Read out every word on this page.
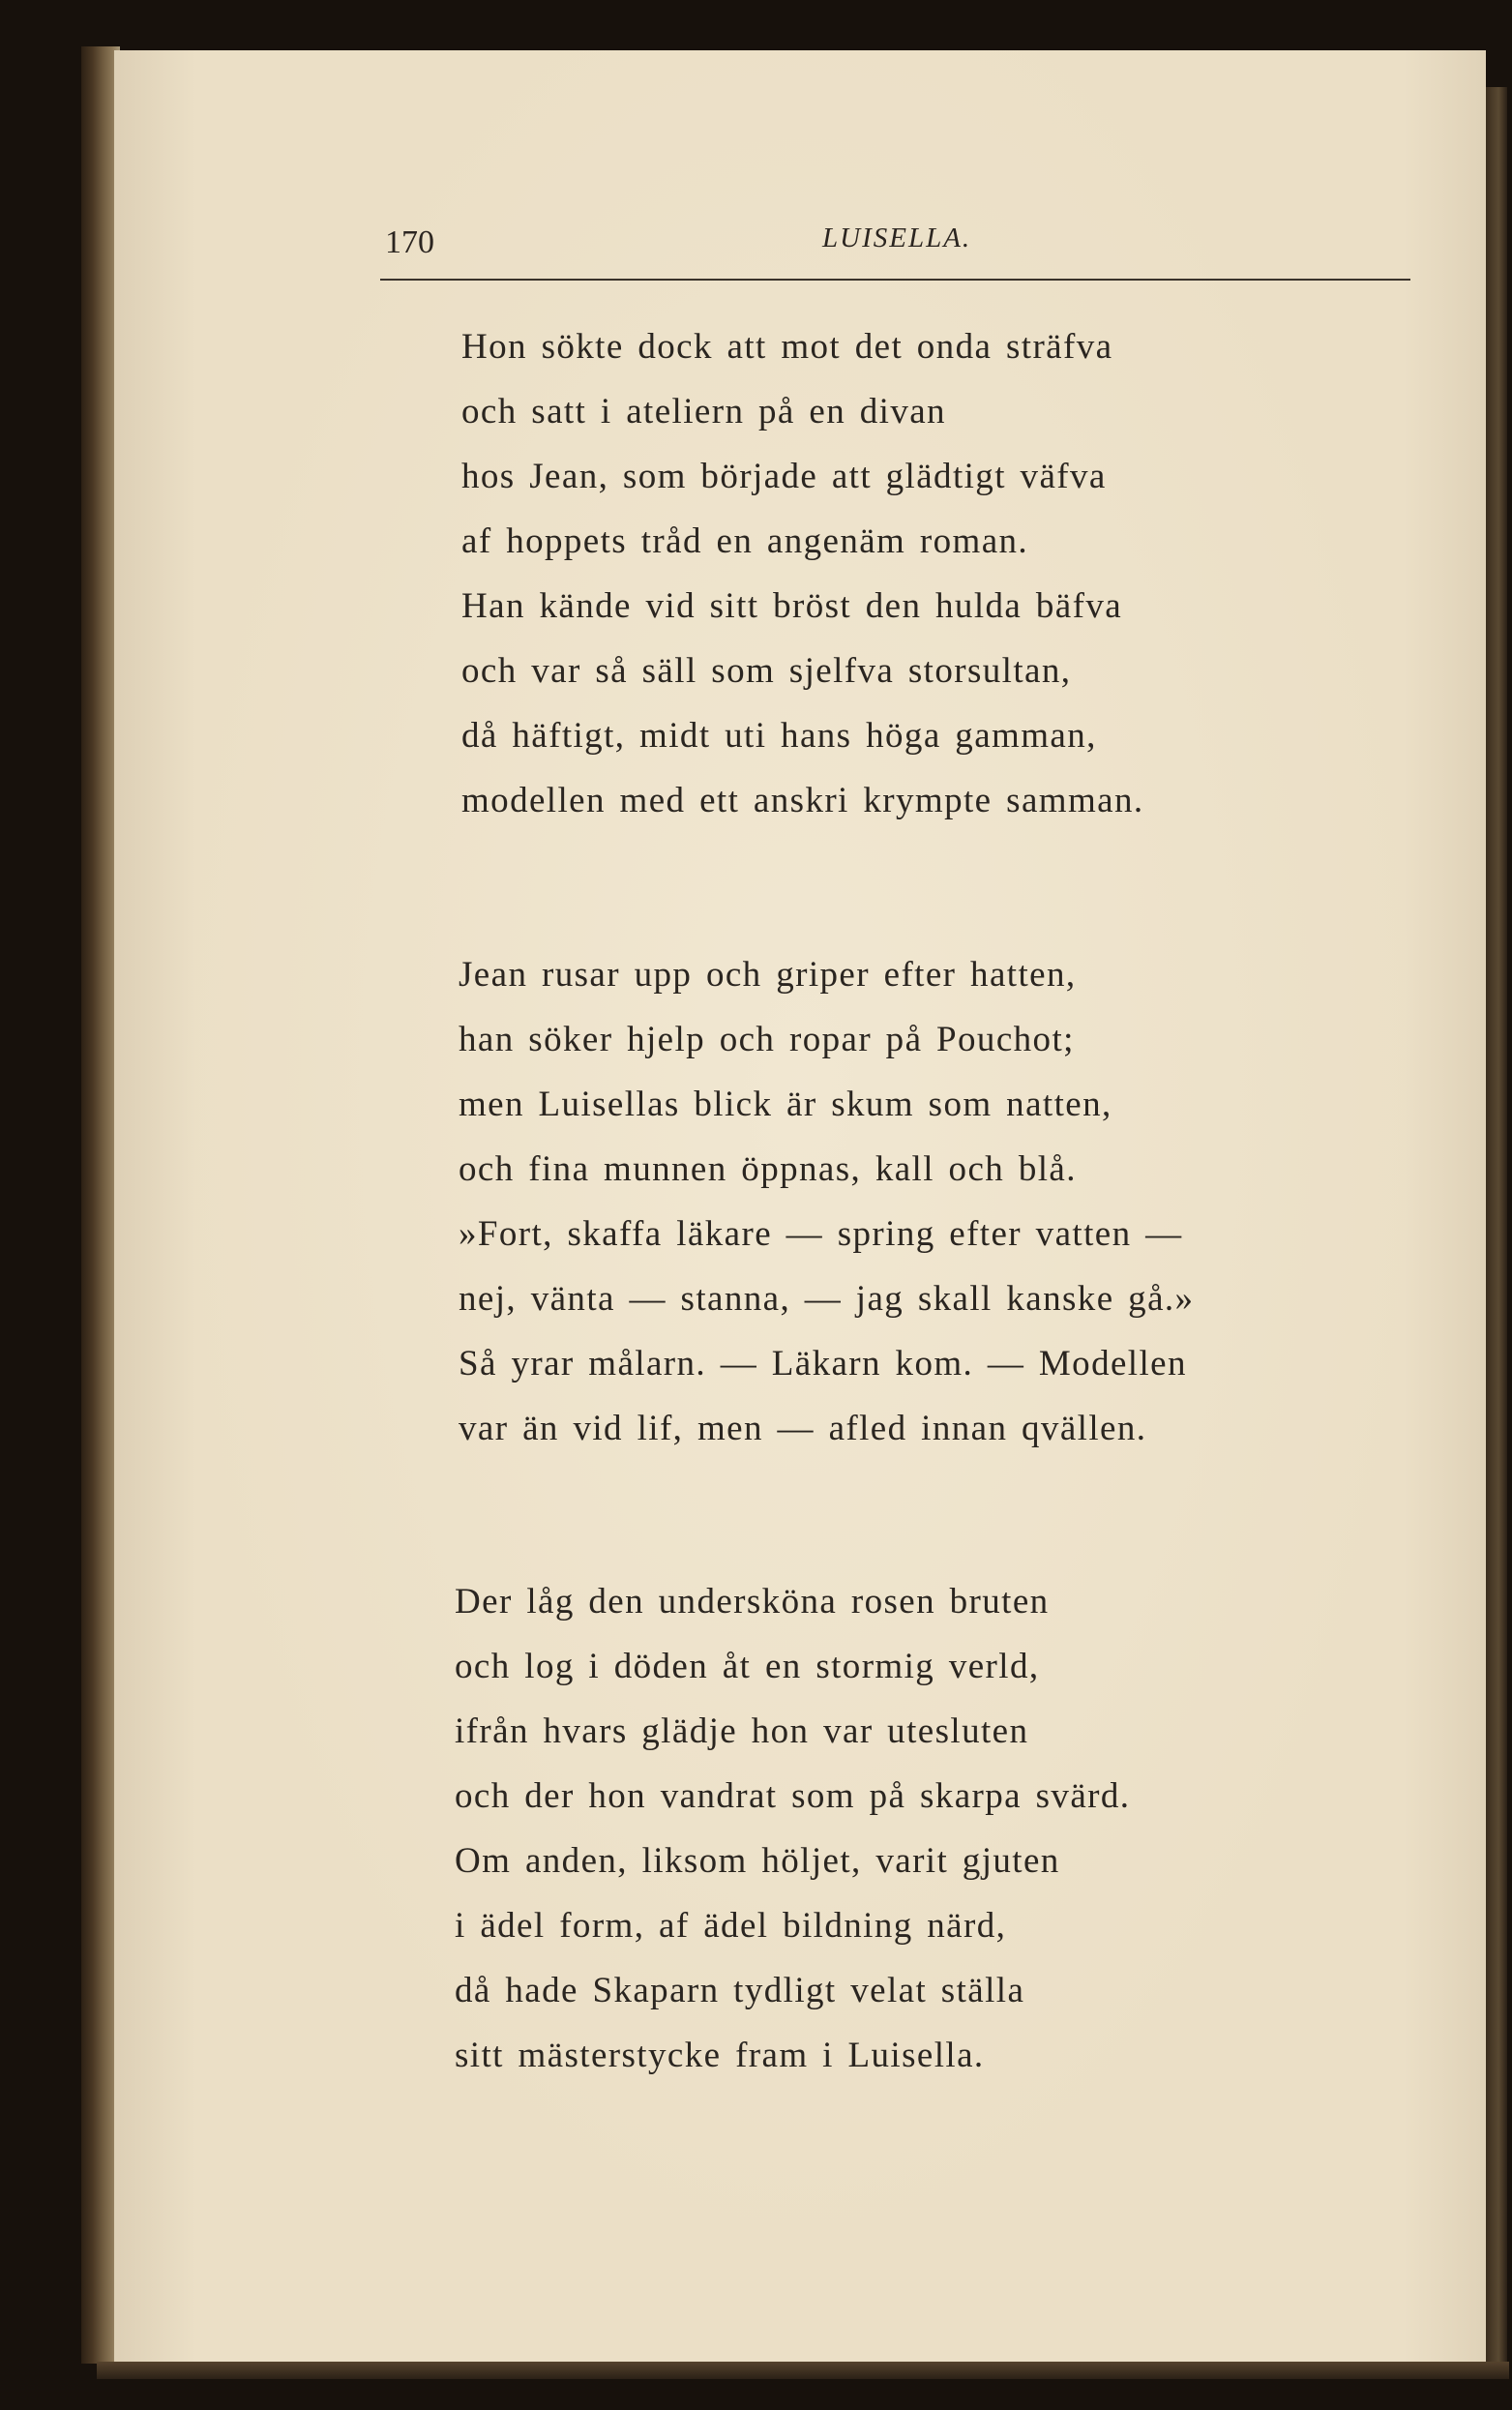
170	LUISELLA.
Hon sökte dock att mot det onda sträfva
och satt i ateliern på en divan
hos Jean, som började att glädtigt väfva
af hoppets tråd en angenäm roman.
Han kände vid sitt bröst den hulda bäfva
och var så säll som sjelfva storsultan,
då häftigt, midt uti hans höga gamman,
modellen med ett anskri krympte samman.
Jean rusar upp och griper efter hatten,
han söker hjelp och ropar på Pouchot;
men Luisellas blick är skum som natten,
och fina munnen öppnas, kall och blå.
»Fort, skaffa läkare — spring efter vatten —
nej, vänta — stanna, — jag skall kanske gå.»
Så yrar målarn. — Läkarn kom. — Modellen
var än vid lif, men — afled innan qvällen.
Der låg den undersköna rosen bruten
och log i döden åt en stormig verld,
ifrån hvars glädje hon var utesluten
och der hon vandrat som på skarpa svärd.
Om anden, liksom höljet, varit gjuten
i ädel form, af ädel bildning närd,
då hade Skaparn tydligt velat ställa
sitt mästerstycke fram i Luisella.
